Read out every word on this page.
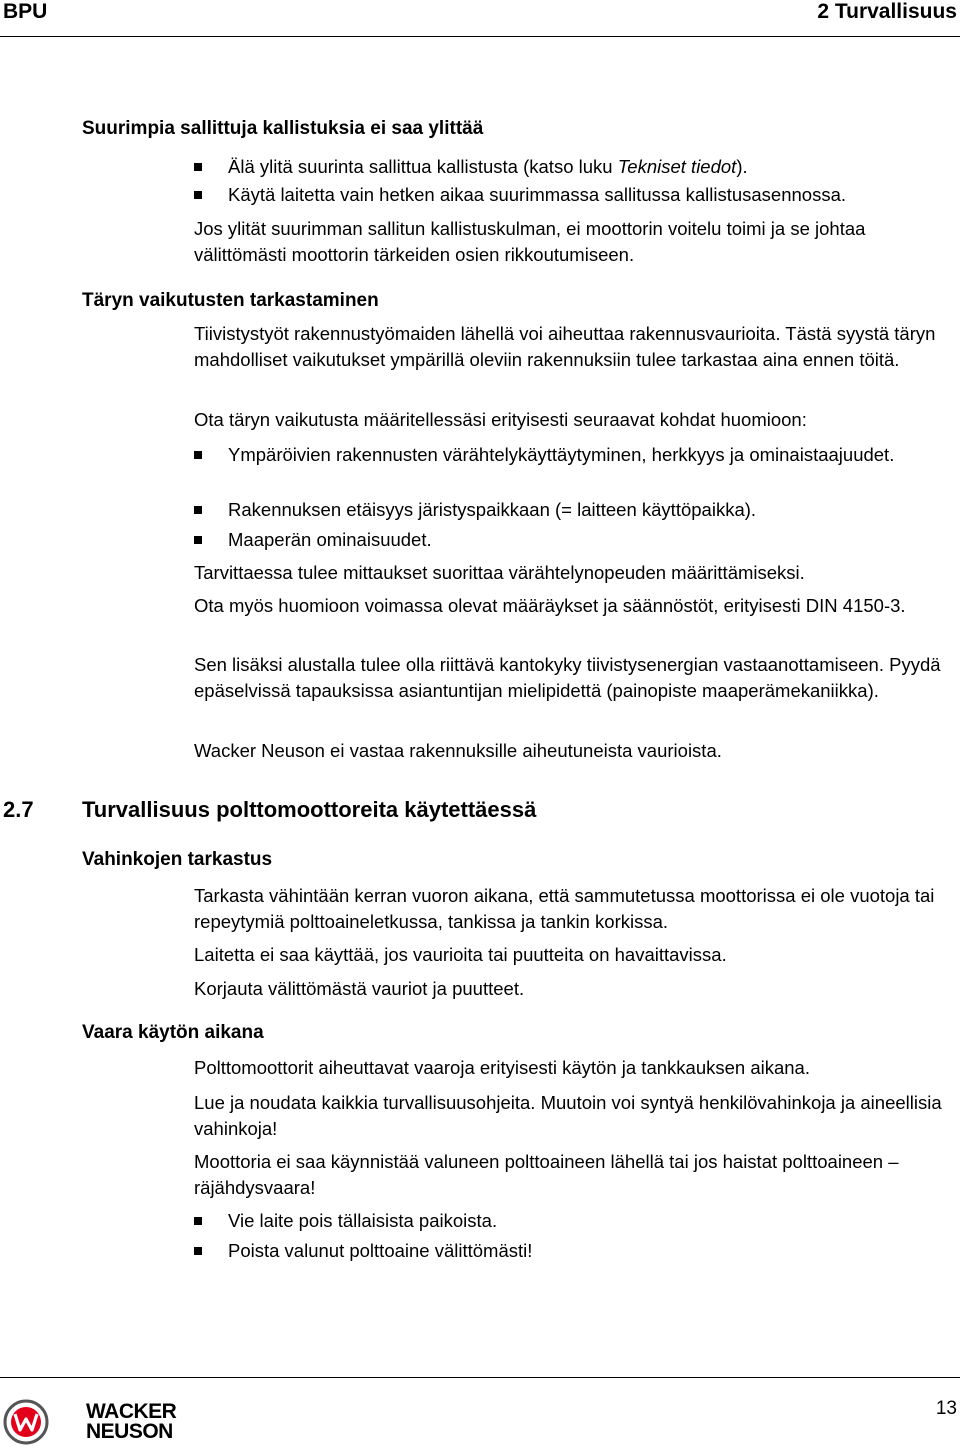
BPU	2 Turvallisuus
Suurimpia sallittuja kallistuksia ei saa ylittää
Älä ylitä suurinta sallittua kallistusta (katso luku Tekniset tiedot).
Käytä laitetta vain hetken aikaa suurimmassa sallitussa kallistusasennossa.
Jos ylität suurimman sallitun kallistuskulman, ei moottorin voitelu toimi ja se johtaa välittömästi moottorin tärkeiden osien rikkoutumiseen.
Täryn vaikutusten tarkastaminen
Tiivistystyöt rakennustyömaiden lähellä voi aiheuttaa rakennusvaurioita. Tästä syystä täryn mahdolliset vaikutukset ympärillä oleviin rakennuksiin tulee tarkastaa aina ennen töitä.
Ota täryn vaikutusta määritellessäsi erityisesti seuraavat kohdat huomioon:
Ympäröivien rakennusten värähtelykäyttäytyminen, herkkyys ja ominaistaajuudet.
Rakennuksen etäisyys järistyspaikkaan (= laitteen käyttöpaikka).
Maaperän ominaisuudet.
Tarvittaessa tulee mittaukset suorittaa värähtelynopeuden määrittämiseksi.
Ota myös huomioon voimassa olevat määräykset ja säännöstöt, erityisesti DIN 4150-3.
Sen lisäksi alustalla tulee olla riittävä kantokyky tiivistysenergian vastaanottamiseen. Pyydä epäselvissä tapauksissa asiantuntijan mielipidettä (painopiste maaperämekaniikka).
Wacker Neuson ei vastaa rakennuksille aiheutuneista vaurioista.
2.7 Turvallisuus polttomoottoreita käytettäessä
Vahinkojen tarkastus
Tarkasta vähintään kerran vuoron aikana, että sammutetussa moottorissa ei ole vuotoja tai repeytymiä polttoaineletkussa, tankissa ja tankin korkissa.
Laitetta ei saa käyttää, jos vaurioita tai puutteita on havaittavissa.
Korjauta välittömästä vauriot ja puutteet.
Vaara käytön aikana
Polttomoottorit aiheuttavat vaaroja erityisesti käytön ja tankkauksen aikana.
Lue ja noudata kaikkia turvallisuusohjeita. Muutoin voi syntyä henkilövahinkoja ja aineellisia vahinkoja!
Moottoria ei saa käynnistää valuneen polttoaineen lähellä tai jos haistat polttoaineen – räjähdysvaara!
Vie laite pois tällaisista paikoista.
Poista valunut polttoaine välittömästi!
WACKER
NEUSON
13
